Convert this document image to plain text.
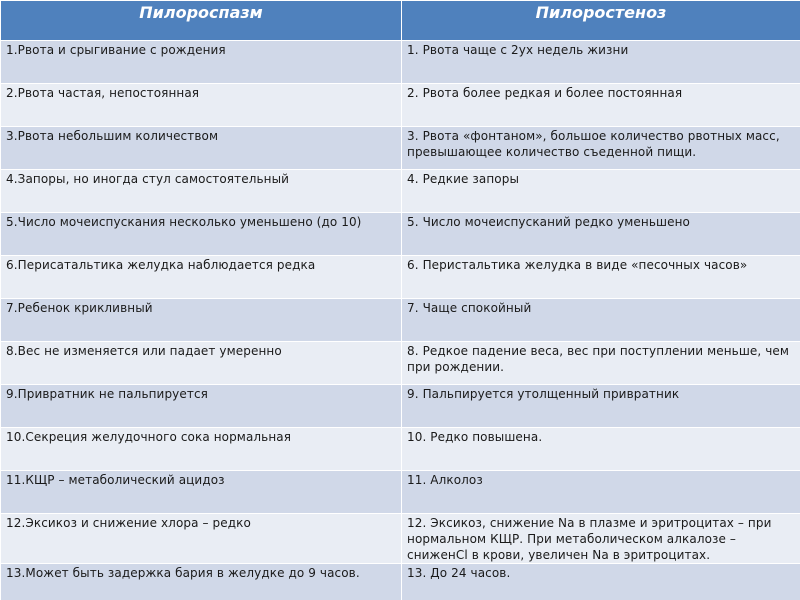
Пилороспазм	Пилоростеноз
1.Рвота и срыгивание с рождения	1. Рвота чаще с 2ух недель жизни
2.Рвота частая, непостоянная	2. Рвота более редкая и более постоянная
3.Рвота небольшим количеством	3. Рвота «фонтаном», большое количество рвотных масс, превышающее количество съеденной пищи.
4.Запоры, но иногда стул самостоятельный	4. Редкие запоры
5.Число мочеиспускания несколько уменьшено (до 10)	5. Число мочеиспусканий редко уменьшено
6.Перисатальтика желудка наблюдается редка	6. Перистальтика желудка в виде «песочных часов»
7.Ребенок крикливный	7. Чаще спокойный
8.Вес не изменяется или падает умеренно	8. Редкое падение веса, вес при поступлении меньше, чем при рождении.
9.Привратник не пальпируется	9. Пальпируется утолщенный привратник
10.Секреция желудочного сока нормальная	10. Редко повышена.
11.КЩР – метаболический ацидоз	11. Алколоз
12.Эксикоз и снижение хлора – редко	12. Эксикоз, снижение Na в плазме и эритроцитах – при нормальном КЩР. При метаболическом алкалозе – сниженCl в крови, увеличен Na в эритроцитах.
13.Может быть задержка бария в желудке до 9 часов.	13. До 24 часов.
